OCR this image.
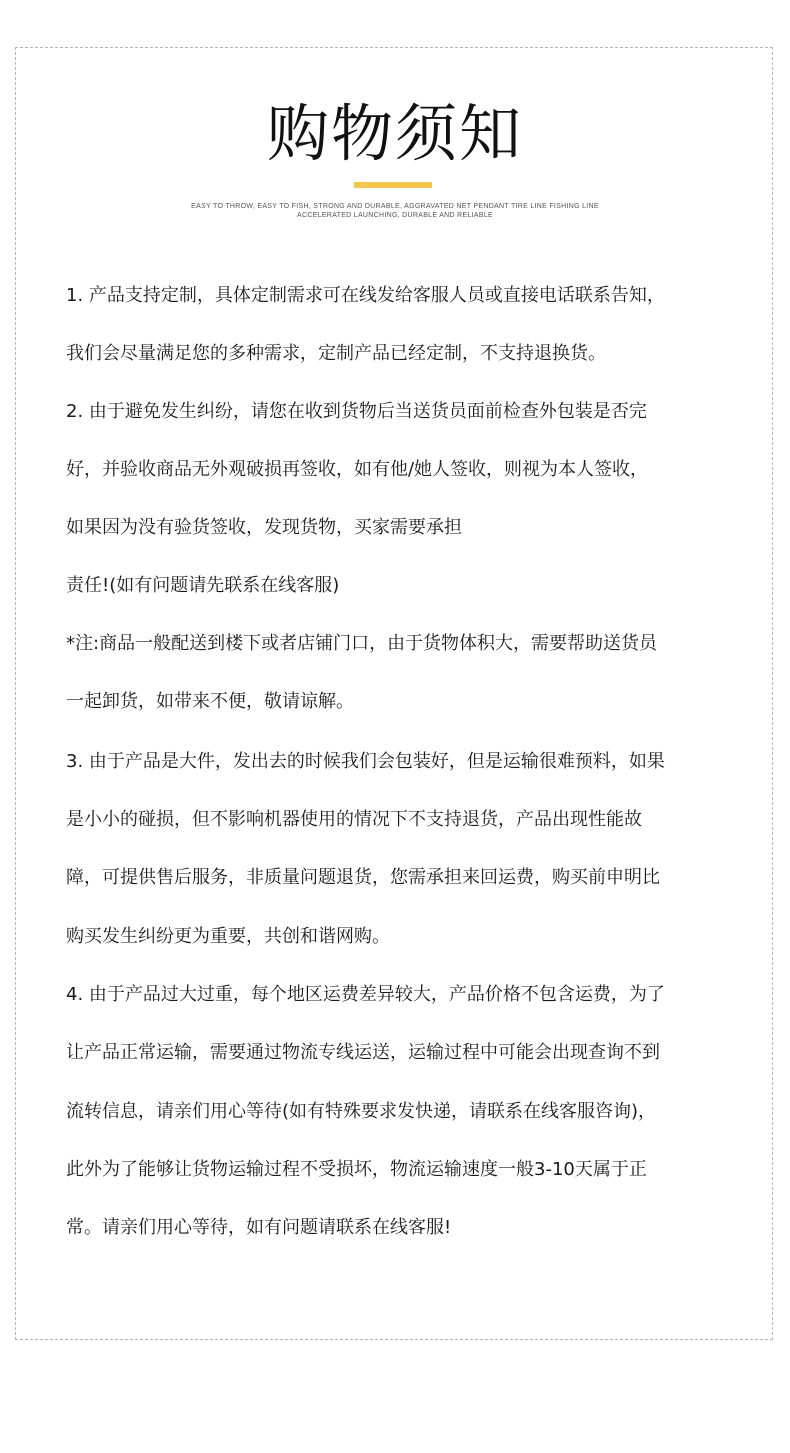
购物须知
EASY TO THROW, EASY TO FISH, STRONG AND DURABLE, AGGRAVATED NET PENDANT TIRE LINE FISHING LINE
ACCELERATED LAUNCHING, DURABLE AND RELIABLE
1. 产品支持定制，具体定制需求可在线发给客服人员或直接电话联系告知，
我们会尽量满足您的多种需求，定制产品已经定制，不支持退换货。
2. 由于避免发生纠纷，请您在收到货物后当送货员面前检查外包装是否完
好，并验收商品无外观破损再签收，如有他/她人签收，则视为本人签收，
如果因为没有验货签收，发现货物，买家需要承担
责任!(如有问题请先联系在线客服)
*注:商品一般配送到楼下或者店铺门口，由于货物体积大，需要帮助送货员
一起卸货，如带来不便，敬请谅解。
3. 由于产品是大件，发出去的时候我们会包装好，但是运输很难预料，如果
是小小的碰损，但不影响机器使用的情况下不支持退货，产品出现性能故
障，可提供售后服务，非质量问题退货，您需承担来回运费，购买前申明比
购买发生纠纷更为重要，共创和谐网购。
4. 由于产品过大过重，每个地区运费差异较大，产品价格不包含运费，为了
让产品正常运输，需要通过物流专线运送，运输过程中可能会出现查询不到
流转信息，请亲们用心等待(如有特殊要求发快递，请联系在线客服咨询)，
此外为了能够让货物运输过程不受损坏，物流运输速度一般3-10天属于正
常。请亲们用心等待，如有问题请联系在线客服!
